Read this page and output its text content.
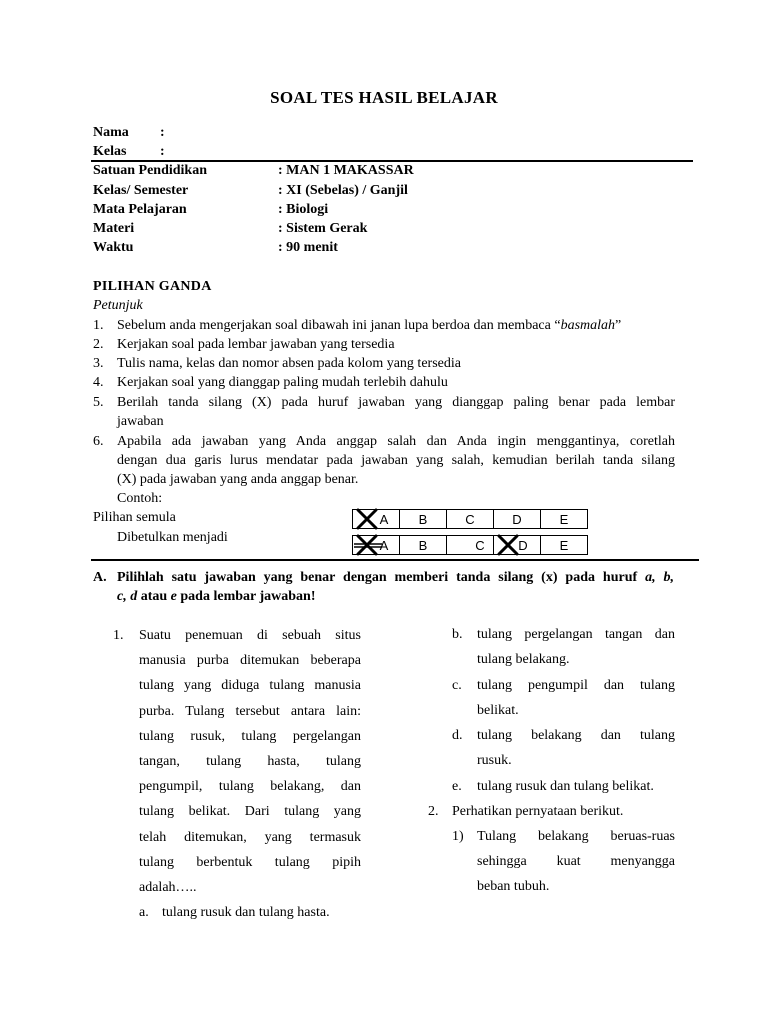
SOAL TES HASIL BELAJAR
Nama :
Kelas :
Satuan Pendidikan	: MAN 1 MAKASSAR
Kelas/ Semester	: XI (Sebelas) / Ganjil
Mata Pelajaran	: Biologi
Materi	: Sistem Gerak
Waktu	: 90 menit
PILIHAN GANDA
Petunjuk
1. Sebelum anda mengerjakan soal dibawah ini janan lupa berdoa dan membaca “basmalah”
2. Kerjakan soal pada lembar jawaban yang tersedia
3. Tulis nama, kelas dan nomor absen pada kolom yang tersedia
4. Kerjakan soal yang dianggap paling mudah terlebih dahulu
5. Berilah tanda silang (X) pada huruf jawaban yang dianggap paling benar pada lembar
jawaban
6. Apabila ada jawaban yang Anda anggap salah dan Anda ingin menggantinya, coretlah
dengan dua garis lurus mendatar pada jawaban yang salah, kemudian berilah tanda silang
(X) pada jawaban yang anda anggap benar.
Contoh:
Pilihan semula	A	B	C	D	E
Dibetulkan menjadi	A	B	C	D	E
A. Pilihlah satu jawaban yang benar dengan memberi tanda silang (x) pada huruf a, b,
c, d atau e pada lembar jawaban!
1. Suatu penemuan di sebuah situs
manusia purba ditemukan beberapa
tulang yang diduga tulang manusia
purba. Tulang tersebut antara lain:
tulang rusuk, tulang pergelangan
tangan, tulang hasta, tulang
pengumpil, tulang belakang, dan
tulang belikat. Dari tulang yang
telah ditemukan, yang termasuk
tulang berbentuk tulang pipih
adalah…..
a. tulang rusuk dan tulang hasta.
b. tulang pergelangan tangan dan
tulang belakang.
c. tulang pengumpil dan tulang
belikat.
d. tulang belakang dan tulang
rusuk.
e. tulang rusuk dan tulang belikat.
2. Perhatikan pernyataan berikut.
1) Tulang belakang beruas-ruas
sehingga kuat menyangga
beban tubuh.
